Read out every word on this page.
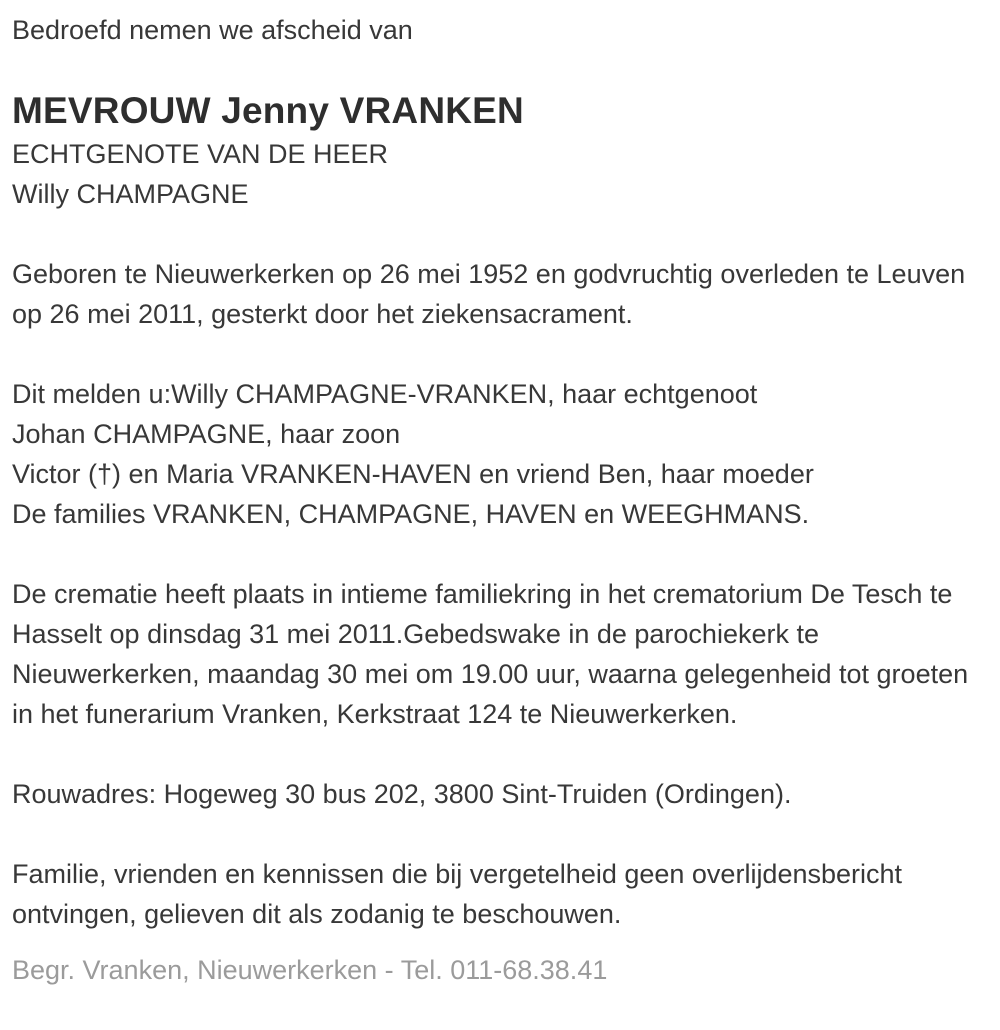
Bedroefd nemen we afscheid van

MEVROUW Jenny VRANKEN

ECHTGENOTE VAN DE HEER

Willy CHAMPAGNE

Geboren te Nieuwerkerken op 26 mei 1952 en godvruchtig overleden te Leuven op 26 mei 2011, gesterkt door het ziekensacrament.

Dit melden u:Willy CHAMPAGNE-VRANKEN, haar echtgenoot

Johan CHAMPAGNE, haar zoon

Victor (†) en Maria VRANKEN-HAVEN en vriend Ben, haar moeder

De families VRANKEN, CHAMPAGNE, HAVEN en WEEGHMANS.

De crematie heeft plaats in intieme familiekring in het crematorium De Tesch te Hasselt op dinsdag 31 mei 2011.Gebedswake in de parochiekerk te Nieuwerkerken, maandag 30 mei om 19.00 uur, waarna gelegenheid tot groeten in het funerarium Vranken, Kerkstraat 124 te Nieuwerkerken.

Rouwadres: Hogeweg 30 bus 202, 3800 Sint-Truiden (Ordingen).

Familie, vrienden en kennissen die bij vergetelheid geen overlijdensbericht ontvingen, gelieven dit als zodanig te beschouwen.

Begr. Vranken, Nieuwerkerken - Tel. 011-68.38.41
